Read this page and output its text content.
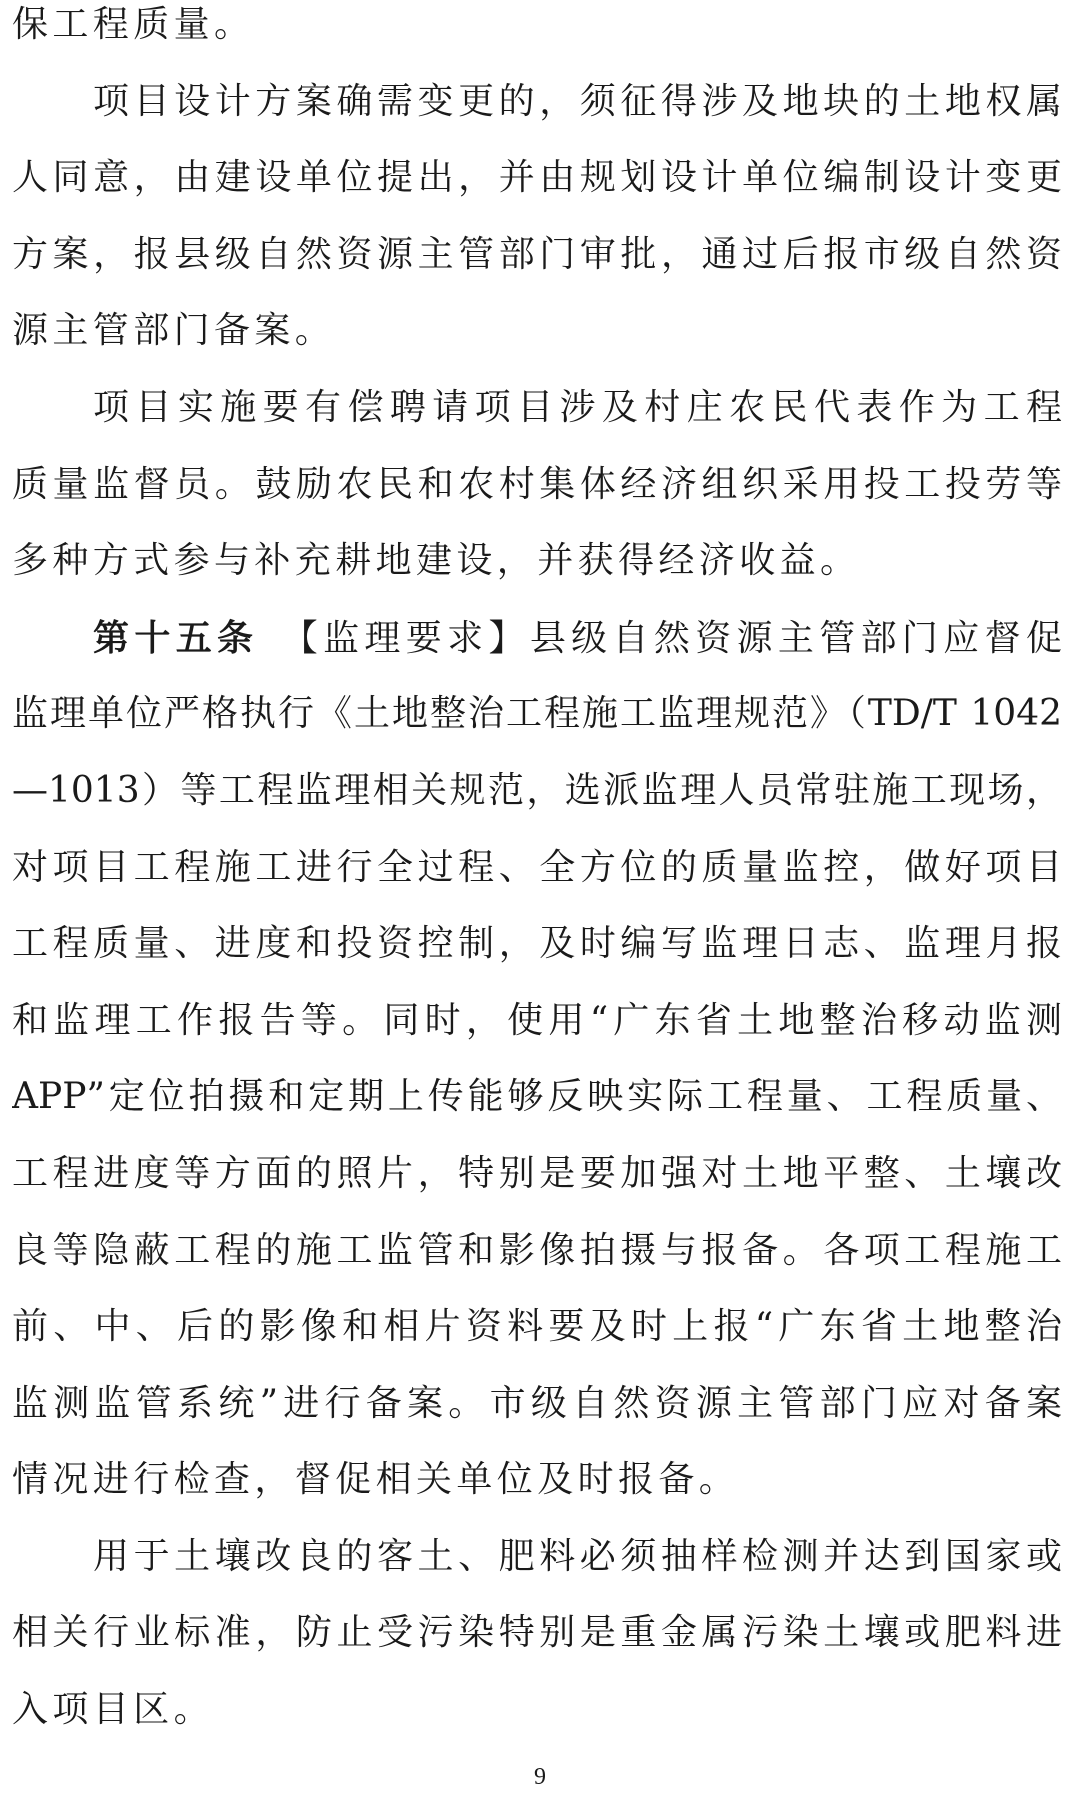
保工程质量。
项目设计方案确需变更的，须征得涉及地块的土地权属
人同意，由建设单位提出，并由规划设计单位编制设计变更
方案，报县级自然资源主管部门审批，通过后报市级自然资
源主管部门备案。
项目实施要有偿聘请项目涉及村庄农民代表作为工程
质量监督员。鼓励农民和农村集体经济组织采用投工投劳等
多种方式参与补充耕地建设，并获得经济收益。
第十五条　【监理要求】县级自然资源主管部门应督促
监理单位严格执行《土地整治工程施工监理规范》（TD/T 1042
—1013）等工程监理相关规范，选派监理人员常驻施工现场，
对项目工程施工进行全过程、全方位的质量监控，做好项目
工程质量、进度和投资控制，及时编写监理日志、监理月报
和监理工作报告等。同时，使用“广东省土地整治移动监测
APP”定位拍摄和定期上传能够反映实际工程量、工程质量、
工程进度等方面的照片，特别是要加强对土地平整、土壤改
良等隐蔽工程的施工监管和影像拍摄与报备。各项工程施工
前、中、后的影像和相片资料要及时上报“广东省土地整治
监测监管系统”进行备案。市级自然资源主管部门应对备案
情况进行检查，督促相关单位及时报备。
用于土壤改良的客土、肥料必须抽样检测并达到国家或
相关行业标准，防止受污染特别是重金属污染土壤或肥料进
入项目区。
9
